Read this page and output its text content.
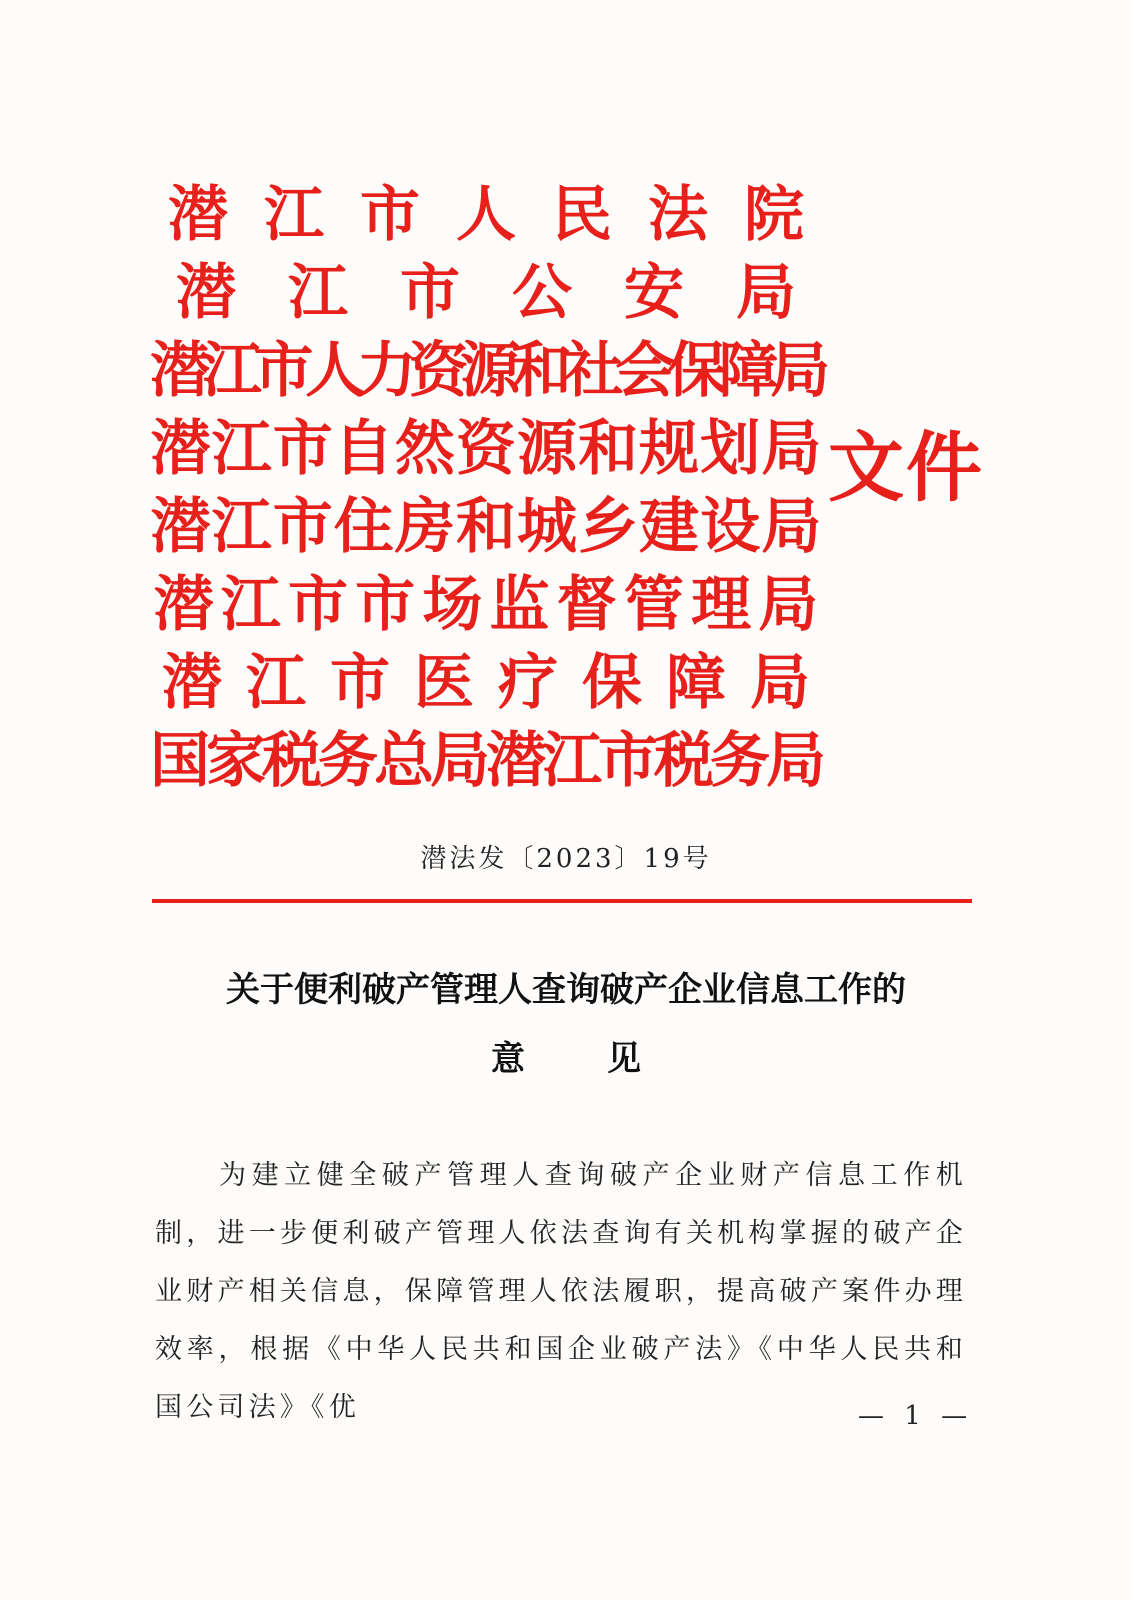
潜 江 市 人 民 法 院
潜 江 市 公 安 局
潜江市人力资源和社会保障局
潜江市自然资源和规划局
潜江市住房和城乡建设局
潜 江 市 市 场 监 督 管 理 局
潜 江 市 医 疗 保 障 局
国家税务总局潜江市税务局
文件
潜法发〔2023〕19号
关于便利破产管理人查询破产企业信息工作的
意见
为建立健全破产管理人查询破产企业财产信息工作机制，进一步便利破产管理人依法查询有关机构掌握的破产企业财产相关信息，保障管理人依法履职，提高破产案件办理效率，根据《中华人民共和国企业破产法》《中华人民共和国公司法》《优	— 1 —
